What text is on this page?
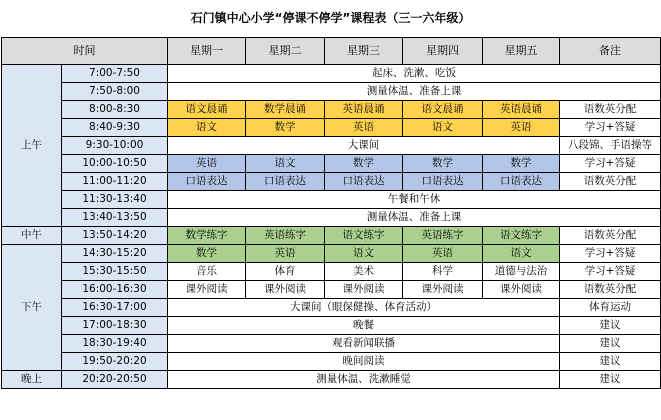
石门镇中心小学“停课不停学”课程表（三一六年级）
时间		星期一	星期二	星期三	星期四	星期五	备注
上午	7:00-7:50	起床、洗漱、吃饭					
	7:50-8:00	测量体温、准备上课					
	8:00-8:30	语文晨诵	数学晨诵	英语晨诵	语文晨诵	英语晨诵	语数英分配
	8:40-9:30	语文	数学	英语	语文	英语	学习+答疑
	9:30-10:00	大课间					八段锦、手语操等
	10:00-10:50	英语	语文	数学	数学	数学	学习+答疑
	11:00-11:20	口语表达	口语表达	口语表达	口语表达	口语表达	语数英分配
	11:30-13:40	午餐和午休					
	13:40-13:50	测量体温、准备上课					
中午	13:50-14:20	数学练字	英语练字	语文练字	英语练字	语文练字	语数英分配
下午	14:30-15:20	数学	英语	语文	英语	语文	学习+答疑
	15:30-15:50	音乐	体育	美术	科学	道德与法治	学习+答疑
	16:00-16:30	课外阅读	课外阅读	课外阅读	课外阅读	课外阅读	语数英分配
	16:30-17:00	大课间（眼保健操、体育活动）					体育运动
	17:00-18:30	晚餐					建议
	18:30-19:40	观看新闻联播					建议
	19:50-20:20	晚间阅读					建议
晚上	20:20-20:50	测量体温、洗漱睡觉					建议
